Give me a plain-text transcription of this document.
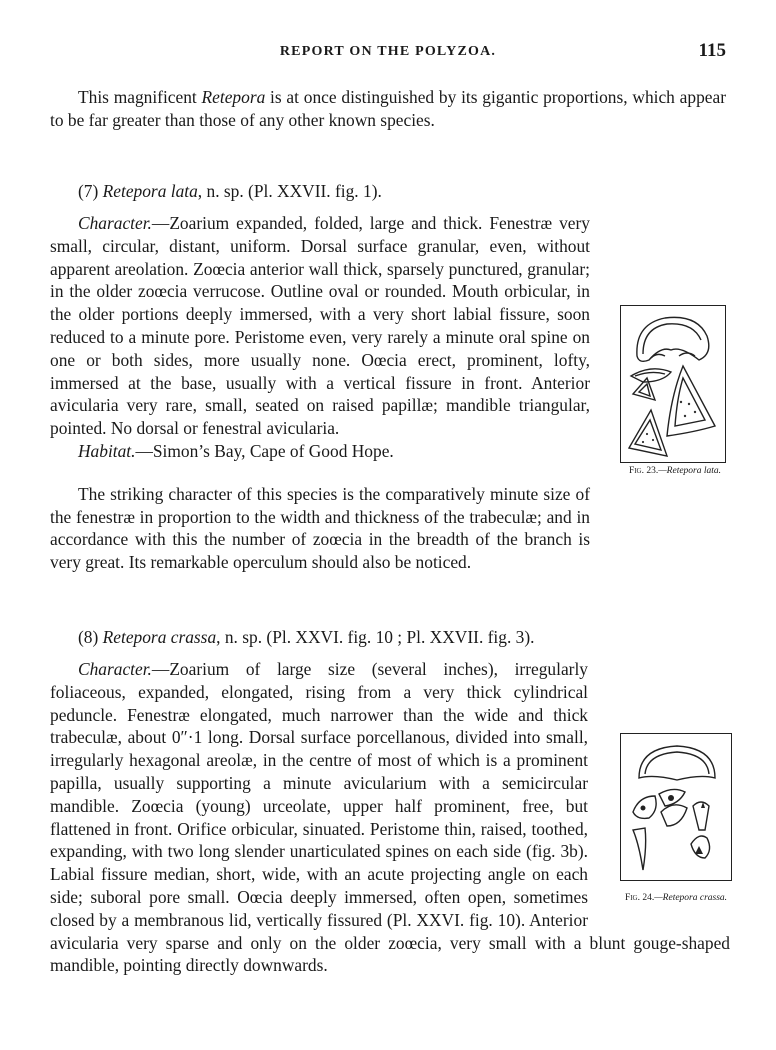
REPORT ON THE POLYZOA.	115

This magnificent Retepora is at once distinguished by its gigantic proportions, which appear to be far greater than those of any other known species.

(7) Retepora lata, n. sp. (Pl. XXVII. fig. 1).

Fig. 23.—Retepora lata.

(8) Retepora crassa, n. sp. (Pl. XXVI. fig. 10 ; Pl. XXVII. fig. 3).

Fig. 24.—Retepora crassa.

Character.—Zoarium expanded, folded, large and thick. Fenestræ very small, circular, distant, uniform. Dorsal surface granular, even, without apparent areolation. Zoœcia anterior wall thick, sparsely punctured, granular; in the older zoœcia verrucose. Outline oval or rounded. Mouth orbicular, in the older portions deeply immersed, with a very short labial fissure, soon reduced to a minute pore. Peristome even, very rarely a minute oral spine on one or both sides, more usually none. Oœcia erect, prominent, lofty, immersed at the base, usually with a vertical fissure in front. Anterior avicularia very rare, small, seated on raised papillæ; mandible triangular, pointed. No dorsal or fenestral avicularia.

Habitat.—Simon’s Bay, Cape of Good Hope.

The striking character of this species is the comparatively minute size of the fenestræ in proportion to the width and thickness of the trabeculæ; and in accordance with this the number of zoœcia in the breadth of the branch is very great. Its remarkable operculum should also be noticed.

Character.—Zoarium of large size (several inches), irregularly foliaceous, expanded, elongated, rising from a very thick cylindrical peduncle. Fenestræ elongated, much narrower than the wide and thick trabeculæ, about 0″·1 long. Dorsal surface porcellanous, divided into small, irregularly hexagonal areolæ, in the centre of most of which is a prominent papilla, usually supporting a minute avicularium with a semicircular mandible. Zoœcia (young) urceolate, upper half prominent, free, but flattened in front. Orifice orbicular, sinuated. Peristome thin, raised, toothed, expanding, with two long slender unarticulated spines on each side (fig. 3b). Labial fissure median, short, wide, with an acute projecting angle on each side; suboral pore small. Oœcia deeply immersed, often open, sometimes closed by a membranous lid, vertically fissured (Pl. XXVI. fig. 10). Anterior avicularia very sparse and only on the older zoœcia, very small with a blunt gouge-shaped mandible, pointing directly downwards.
